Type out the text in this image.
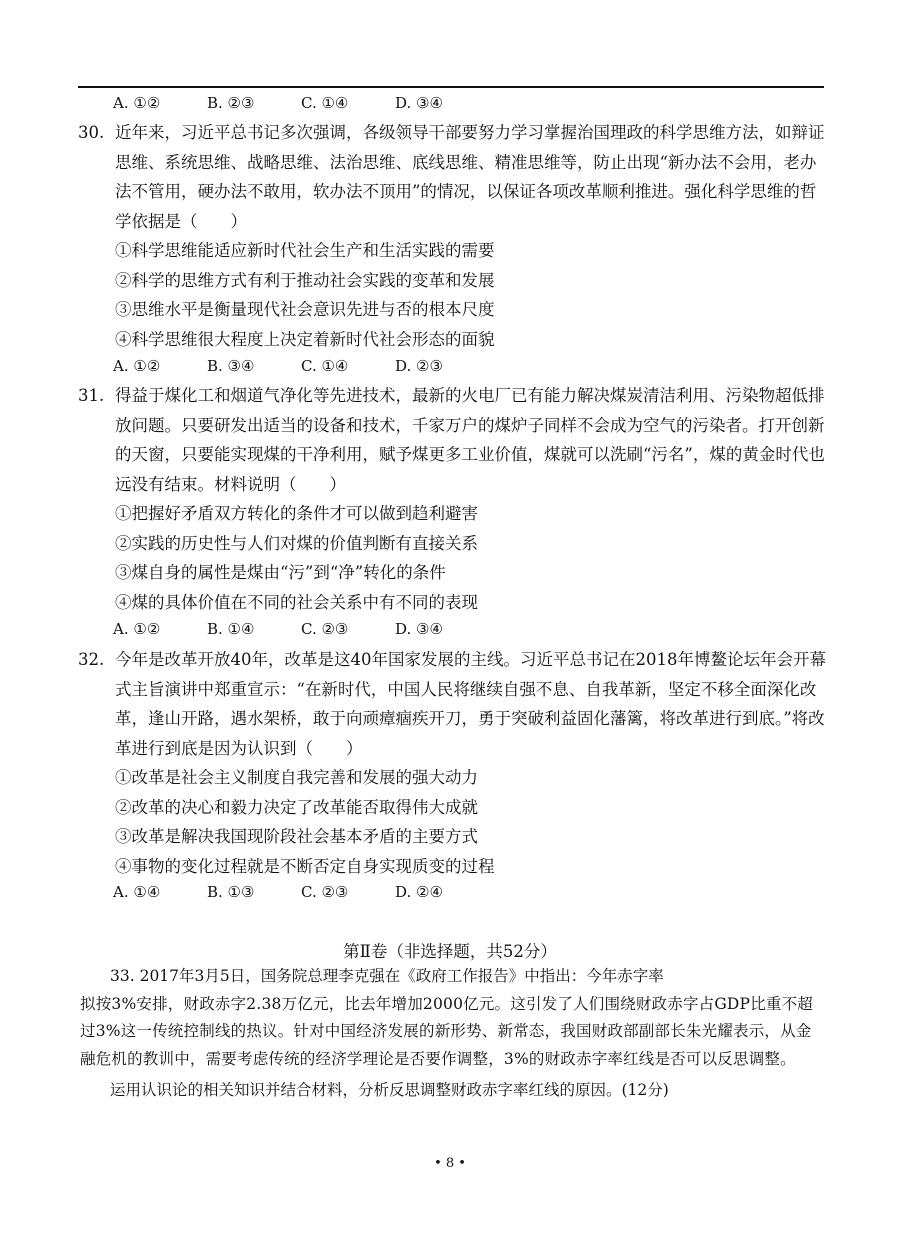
A. ①②	B. ②③	C. ①④	D. ③④
30. 近年来，习近平总书记多次强调，各级领导干部要努力学习掌握治国理政的科学思维方法，如辩证思维、系统思维、战略思维、法治思维、底线思维、精准思维等，防止出现“新办法不会用，老办法不管用，硬办法不敢用，软办法不顶用”的情况，以保证各项改革顺利推进。强化科学思维的哲学依据是（　　）

①科学思维能适应新时代社会生产和生活实践的需要

②科学的思维方式有利于推动社会实践的变革和发展

③思维水平是衡量现代社会意识先进与否的根本尺度

④科学思维很大程度上决定着新时代社会形态的面貌

A. ①②	B. ③④	C. ①④	D. ②③
31. 得益于煤化工和烟道气净化等先进技术，最新的火电厂已有能力解决煤炭清洁利用、污染物超低排放问题。只要研发出适当的设备和技术，千家万户的煤炉子同样不会成为空气的污染者。打开创新的天窗，只要能实现煤的干净利用，赋予煤更多工业价值，煤就可以洗刷“污名”，煤的黄金时代也远没有结束。材料说明（　　）

①把握好矛盾双方转化的条件才可以做到趋利避害

②实践的历史性与人们对煤的价值判断有直接关系

③煤自身的属性是煤由“污”到“净”转化的条件

④煤的具体价值在不同的社会关系中有不同的表现

A. ①②	B. ①④	C. ②③	D. ③④
32. 今年是改革开放40年，改革是这40年国家发展的主线。习近平总书记在2018年博鳌论坛年会开幕式主旨演讲中郑重宣示：“在新时代，中国人民将继续自强不息、自我革新，坚定不移全面深化改革，逢山开路，遇水架桥，敢于向顽瘴痼疾开刀，勇于突破利益固化藩篱，将改革进行到底。”将改革进行到底是因为认识到（　　）

①改革是社会主义制度自我完善和发展的强大动力

②改革的决心和毅力决定了改革能否取得伟大成就

③改革是解决我国现阶段社会基本矛盾的主要方式

④事物的变化过程就是不断否定自身实现质变的过程

A. ①④	B. ①③	C. ②③	D. ②④
第Ⅱ卷（非选择题，共52分）

33. 2017年3月5日，国务院总理李克强在《政府工作报告》中指出：今年赤字率

拟按3%安排，财政赤字2.38万亿元，比去年增加2000亿元。这引发了人们围绕财政赤字占GDP比重不超过3%这一传统控制线的热议。针对中国经济发展的新形势、新常态，我国财政部副部长朱光耀表示，从金融危机的教训中，需要考虑传统的经济学理论是否要作调整，3%的财政赤字率红线是否可以反思调整。

运用认识论的相关知识并结合材料，分析反思调整财政赤字率红线的原因。(12分)

• 8 •
